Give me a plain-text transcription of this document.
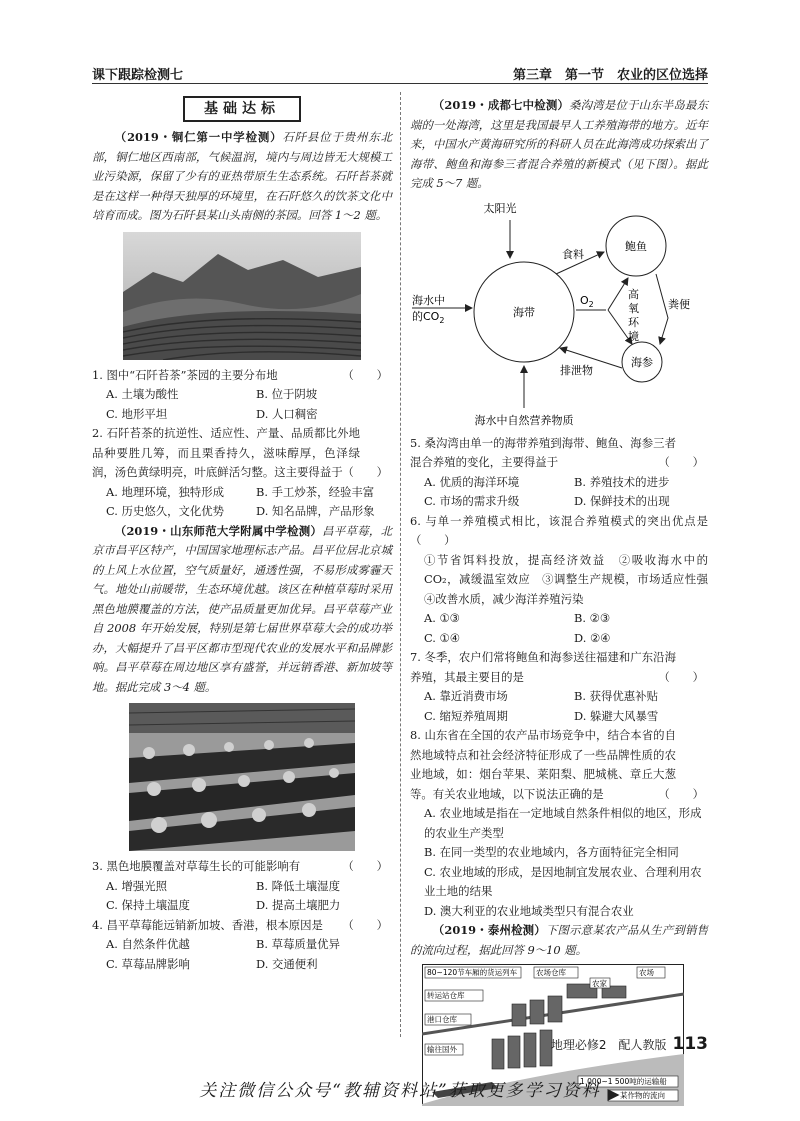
课下跟踪检测七	第三章　第一节　农业的区位选择
基础达标

（2019・铜仁第一中学检测）石阡县位于贵州东北部，铜仁地区西南部，气候温润，境内与周边皆无大规模工业污染源，保留了少有的亚热带原生生态系统。石阡苔茶就是在这样一种得天独厚的环境里，在石阡悠久的饮茶文化中培育而成。图为石阡县某山头南侧的茶园。回答 1～2 题。

1. 图中“石阡苔茶”茶园的主要分布地	（　　）

A. 土壤为酸性	B. 位于阴坡
C. 地形平坦	D. 人口稠密

2. 石阡苔茶的抗逆性、适应性、产量、品质都比外地品种要胜几筹，而且栗香持久，滋味醇厚，色泽绿润，汤色黄绿明亮，叶底鲜活匀整。这主要得益于 （　　）

A. 地理环境，独特形成	B. 手工炒茶，经验丰富
C. 历史悠久，文化优势	D. 知名品牌，产品形象

（2019・山东师范大学附属中学检测）昌平草莓，北京市昌平区特产，中国国家地理标志产品。昌平位居北京城的上风上水位置，空气质量好，通透性强，不易形成雾霾天气。地处山前暖带，生态环境优越。该区在种植草莓时采用黑色地膜覆盖的方法，使产品质量更加优异。昌平草莓产业自 2008 年开始发展，特别是第七届世界草莓大会的成功举办，大幅提升了昌平区都市型现代农业的发展水平和品牌影响。昌平草莓在周边地区享有盛誉，并远销香港、新加坡等地。据此完成 3～4 题。

3. 黑色地膜覆盖对草莓生长的可能影响有	（　　）

A. 增强光照	B. 降低土壤湿度
C. 保持土壤温度	D. 提高土壤肥力

4. 昌平草莓能远销新加坡、香港，根本原因是 （　　）

A. 自然条件优越	B. 草莓质量优异
C. 草莓品牌影响	D. 交通便利

（2019・成都七中检测）桑沟湾是位于山东半岛最东端的一处海湾，这里是我国最早人工养殖海带的地方。近年来，中国水产黄海研究所的科研人员在此海湾成功探索出了海带、鲍鱼和海参三者混合养殖的新模式（见下图）。据此完成 5～7 题。

太阳光
海带
鲍鱼
海参
海水中
的$CO_2$
食料
$O_2$
高
氧
环
境
粪便
排泄物
海水中自然营养物质

5. 桑沟湾由单一的海带养殖到海带、鲍鱼、海参三者混合养殖的变化，主要得益于	（　　）

A. 优质的海洋环境	B. 养殖技术的进步
C. 市场的需求升级	D. 保鲜技术的出现

6. 与单一养殖模式相比，该混合养殖模式的突出优点是（　　）

①节省饵料投放，提高经济效益　②吸收海水中的CO₂，减缓温室效应　③调整生产规模，市场适应性强　④改善水质，减少海洋养殖污染

A. ①③	B. ②③
C. ①④	D. ②④

7. 冬季，农户们常将鲍鱼和海参送往福建和广东沿海养殖，其最主要目的是	（　　）

A. 靠近消费市场	B. 获得优惠补贴
C. 缩短养殖周期	D. 躲避大风暴雪

8. 山东省在全国的农产品市场竞争中，结合本省的自然地域特点和社会经济特征形成了一些品牌性质的农业地域，如：烟台苹果、莱阳梨、肥城桃、章丘大葱等。有关农业地域，以下说法正确的是	（　　）

A. 农业地域是指在一定地域自然条件相似的地区，形成的农业生产类型

B. 在同一类型的农业地域内，各方面特征完全相同

C. 农业地域的形成，是因地制宜发展农业、合理利用农业土地的结果

D. 澳大利亚的农业地域类型只有混合农业

（2019・泰州检测）下图示意某农产品从生产到销售的流向过程，据此回答 9～10 题。

80~120节车厢的货运列车	农场仓库
农家
农场
转运站仓库
港口仓库
输往国外
1 000~1 500吨的运输船
某作物的流向
地理必修2　配人教版 113
关注微信公众号“教辅资料站”获取更多学习资料
